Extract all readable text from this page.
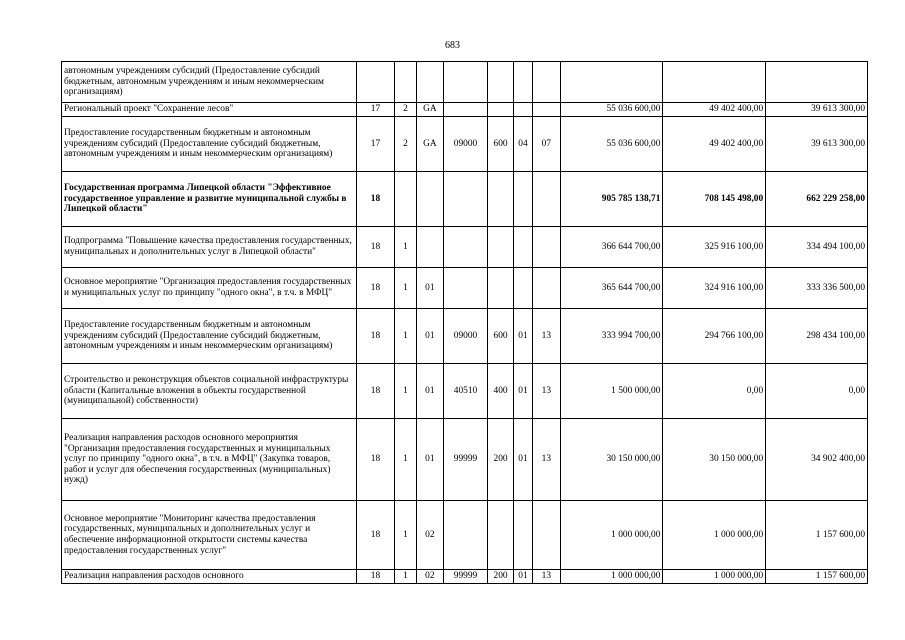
683
автономным учреждениям субсидий (Предоставление субсидий бюджетным, автономным учреждениям и иным некоммерческим организациям)										
Региональный проект "Сохранение лесов"	17	2	GA					55 036 600,00	49 402 400,00	39 613 300,00
Предоставление государственным бюджетным и автономным учреждениям субсидий (Предоставление субсидий бюджетным, автономным учреждениям и иным некоммерческим организациям)	17	2	GA	09000	600	04	07	55 036 600,00	49 402 400,00	39 613 300,00
Государственная программа Липецкой области "Эффективное государственное управление и развитие муниципальной службы в Липецкой области"	18							905 785 138,71	708 145 498,00	662 229 258,00
Подпрограмма "Повышение качества предоставления государственных, муниципальных и дополнительных услуг в Липецкой области"	18	1						366 644 700,00	325 916 100,00	334 494 100,00
Основное мероприятие "Организация предоставления государственных и муниципальных услуг по принципу "одного окна", в т.ч. в МФЦ"	18	1	01					365 644 700,00	324 916 100,00	333 336 500,00
Предоставление государственным бюджетным и автономным учреждениям субсидий (Предоставление субсидий бюджетным, автономным учреждениям и иным некоммерческим организациям)	18	1	01	09000	600	01	13	333 994 700,00	294 766 100,00	298 434 100,00
Строительство и реконструкция объектов социальной инфраструктуры области (Капитальные вложения в объекты государственной (муниципальной) собственности)	18	1	01	40510	400	01	13	1 500 000,00	0,00	0,00
Реализация направления расходов основного мероприятия "Организация предоставления государственных и муниципальных услуг по принципу "одного окна", в т.ч. в МФЦ" (Закупка товаров, работ и услуг для обеспечения государственных (муниципальных) нужд)	18	1	01	99999	200	01	13	30 150 000,00	30 150 000,00	34 902 400,00
Основное мероприятие "Мониторинг качества предоставления государственных, муниципальных и дополнительных услуг и обеспечение информационной открытости системы качества предоставления государственных услуг"	18	1	02					1 000 000,00	1 000 000,00	1 157 600,00
Реализация направления расходов основного	18	1	02	99999	200	01	13	1 000 000,00	1 000 000,00	1 157 600,00
